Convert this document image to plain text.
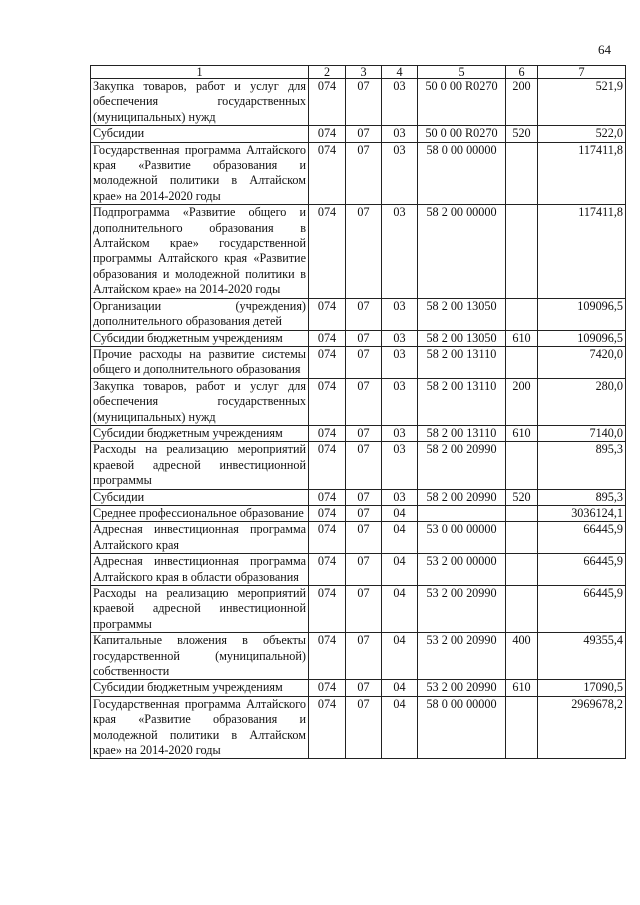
64
1	2	3	4	5	6	7
Закупка товаров, работ и услуг для обеспечения государственных (муниципальных) нужд	074	07	03	50 0 00 R0270	200	521,9
Субсидии	074	07	03	50 0 00 R0270	520	522,0
Государственная программа Алтайского края «Развитие образования и молодежной политики в Алтайском крае» на 2014-2020 годы	074	07	03	58 0 00 00000		117411,8
Подпрограмма «Развитие общего и дополнительного образования в Алтайском крае» государственной программы Алтайского края «Развитие образования и молодежной политики в Алтайском крае» на 2014-2020 годы	074	07	03	58 2 00 00000		117411,8
Организации (учреждения) дополнительного образования детей	074	07	03	58 2 00 13050		109096,5
Субсидии бюджетным учреждениям	074	07	03	58 2 00 13050	610	109096,5
Прочие расходы на развитие системы общего и дополнительного образования	074	07	03	58 2 00 13110		7420,0
Закупка товаров, работ и услуг для обеспечения государственных (муниципальных) нужд	074	07	03	58 2 00 13110	200	280,0
Субсидии бюджетным учреждениям	074	07	03	58 2 00 13110	610	7140,0
Расходы на реализацию мероприятий краевой адресной инвестиционной программы	074	07	03	58 2 00 20990		895,3
Субсидии	074	07	03	58 2 00 20990	520	895,3
Среднее профессиональное образование	074	07	04			3036124,1
Адресная инвестиционная программа Алтайского края	074	07	04	53 0 00 00000		66445,9
Адресная инвестиционная программа Алтайского края в области образования	074	07	04	53 2 00 00000		66445,9
Расходы на реализацию мероприятий краевой адресной инвестиционной программы	074	07	04	53 2 00 20990		66445,9
Капитальные вложения в объекты государственной (муниципальной) собственности	074	07	04	53 2 00 20990	400	49355,4
Субсидии бюджетным учреждениям	074	07	04	53 2 00 20990	610	17090,5
Государственная программа Алтайского края «Развитие образования и молодежной политики в Алтайском крае» на 2014-2020 годы	074	07	04	58 0 00 00000		2969678,2
